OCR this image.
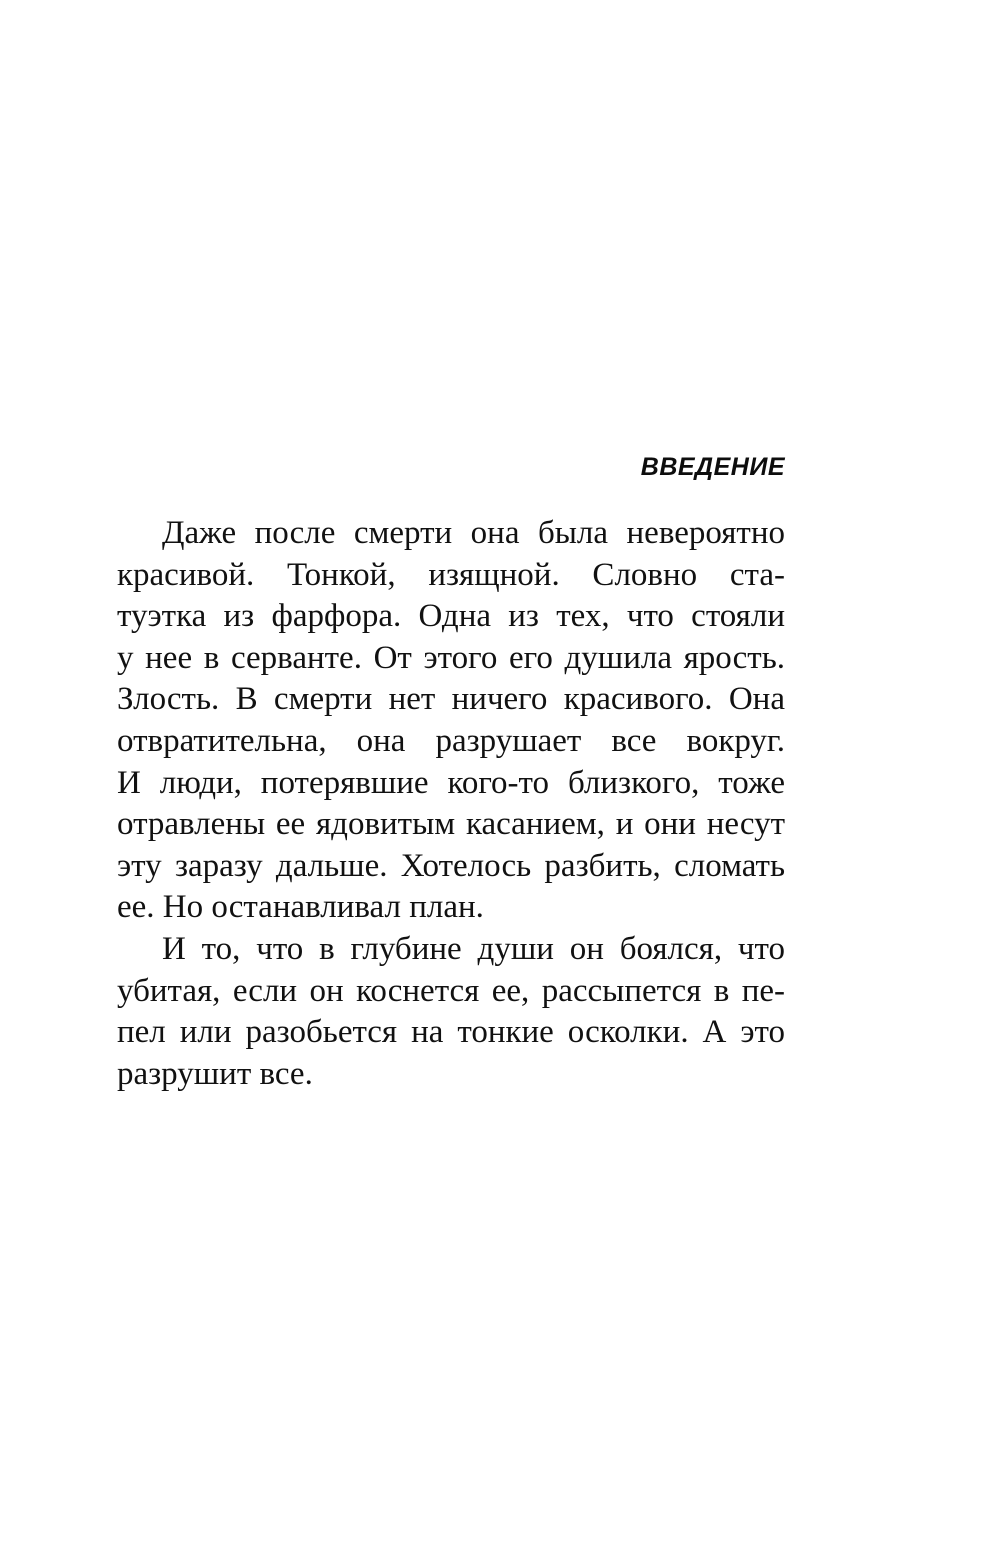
ВВЕДЕНИЕ

Даже после смерти она была невероятно
красивой. Тонкой, изящной. Словно ста-
туэтка из фарфора. Одна из тех, что стояли
у нее в серванте. От этого его душила ярость.
Злость. В смерти нет ничего красивого. Она
отвратительна, она разрушает все вокруг.
И люди, потерявшие кого-то близкого, тоже
отравлены ее ядовитым касанием, и они несут
эту заразу дальше. Хотелось разбить, сломать
ее. Но останавливал план.

И то, что в глубине души он боялся, что
убитая, если он коснется ее, рассыпется в пе-
пел или разобьется на тонкие осколки. А это
разрушит все.
